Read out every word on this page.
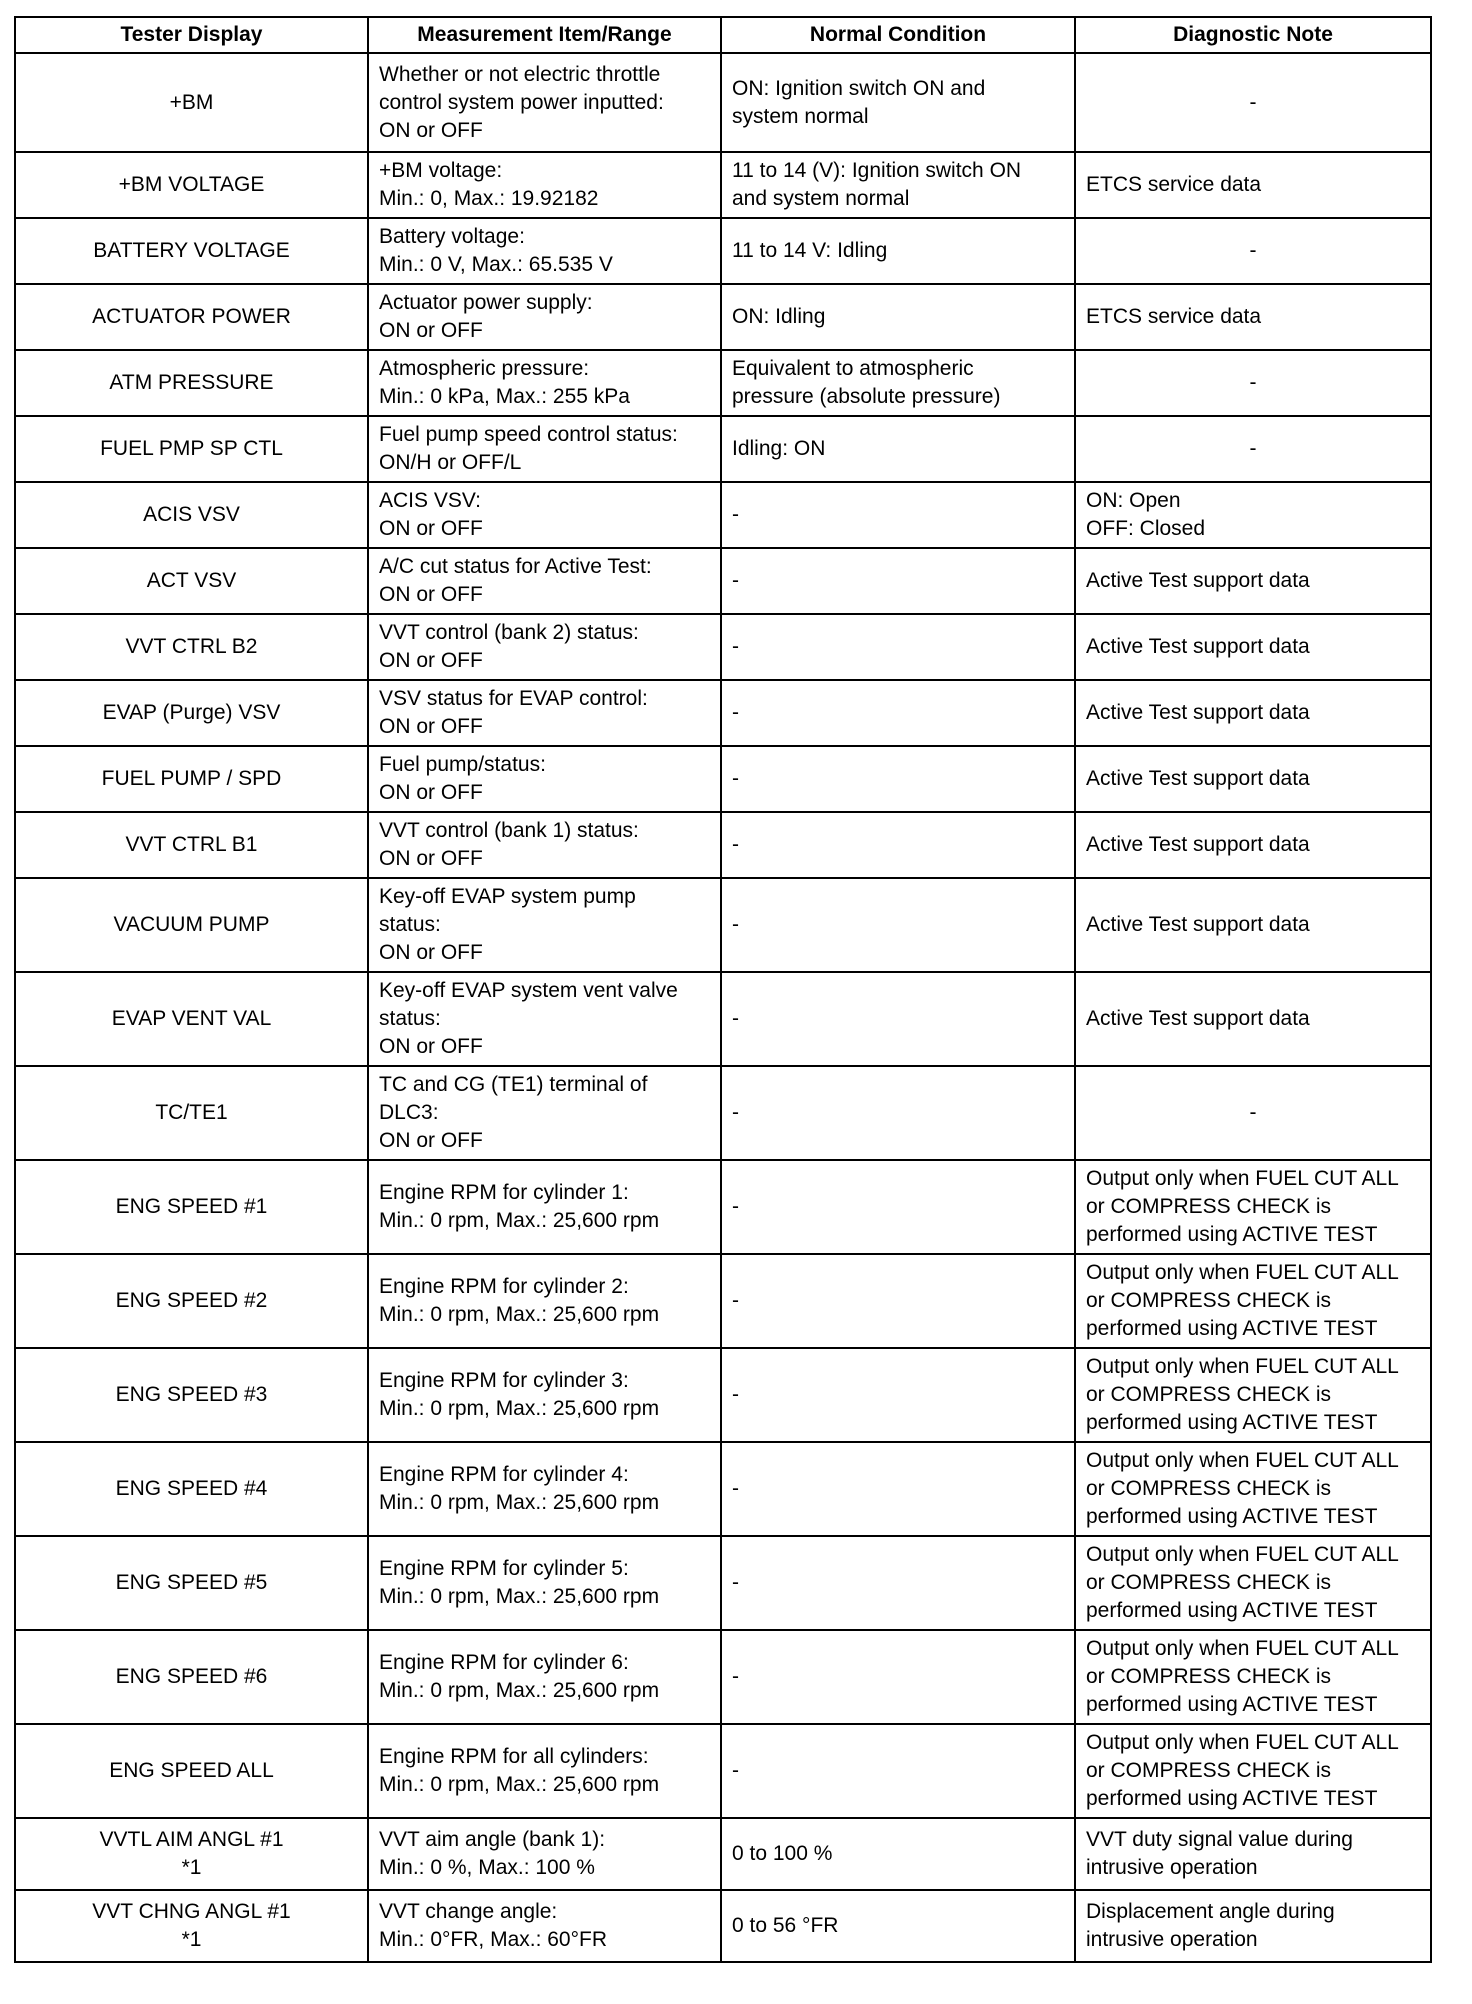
Tester Display	Measurement Item/Range	Normal Condition	Diagnostic Note
+BM	Whether or not electric throttle
control system power inputted:
ON or OFF	ON: Ignition switch ON and
system normal	-
+BM VOLTAGE	+BM voltage:
Min.: 0, Max.: 19.92182	11 to 14 (V): Ignition switch ON
and system normal	ETCS service data
BATTERY VOLTAGE	Battery voltage:
Min.: 0 V, Max.: 65.535 V	11 to 14 V: Idling	-
ACTUATOR POWER	Actuator power supply:
ON or OFF	ON: Idling	ETCS service data
ATM PRESSURE	Atmospheric pressure:
Min.: 0 kPa, Max.: 255 kPa	Equivalent to atmospheric
pressure (absolute pressure)	-
FUEL PMP SP CTL	Fuel pump speed control status:
ON/H or OFF/L	Idling: ON	-
ACIS VSV	ACIS VSV:
ON or OFF	-	ON: Open
OFF: Closed
ACT VSV	A/C cut status for Active Test:
ON or OFF	-	Active Test support data
VVT CTRL B2	VVT control (bank 2) status:
ON or OFF	-	Active Test support data
EVAP (Purge) VSV	VSV status for EVAP control:
ON or OFF	-	Active Test support data
FUEL PUMP / SPD	Fuel pump/status:
ON or OFF	-	Active Test support data
VVT CTRL B1	VVT control (bank 1) status:
ON or OFF	-	Active Test support data
VACUUM PUMP	Key-off EVAP system pump
status:
ON or OFF	-	Active Test support data
EVAP VENT VAL	Key-off EVAP system vent valve
status:
ON or OFF	-	Active Test support data
TC/TE1	TC and CG (TE1) terminal of
DLC3:
ON or OFF	-	-
ENG SPEED #1	Engine RPM for cylinder 1:
Min.: 0 rpm, Max.: 25,600 rpm	-	Output only when FUEL CUT ALL
or COMPRESS CHECK is
performed using ACTIVE TEST
ENG SPEED #2	Engine RPM for cylinder 2:
Min.: 0 rpm, Max.: 25,600 rpm	-	Output only when FUEL CUT ALL
or COMPRESS CHECK is
performed using ACTIVE TEST
ENG SPEED #3	Engine RPM for cylinder 3:
Min.: 0 rpm, Max.: 25,600 rpm	-	Output only when FUEL CUT ALL
or COMPRESS CHECK is
performed using ACTIVE TEST
ENG SPEED #4	Engine RPM for cylinder 4:
Min.: 0 rpm, Max.: 25,600 rpm	-	Output only when FUEL CUT ALL
or COMPRESS CHECK is
performed using ACTIVE TEST
ENG SPEED #5	Engine RPM for cylinder 5:
Min.: 0 rpm, Max.: 25,600 rpm	-	Output only when FUEL CUT ALL
or COMPRESS CHECK is
performed using ACTIVE TEST
ENG SPEED #6	Engine RPM for cylinder 6:
Min.: 0 rpm, Max.: 25,600 rpm	-	Output only when FUEL CUT ALL
or COMPRESS CHECK is
performed using ACTIVE TEST
ENG SPEED ALL	Engine RPM for all cylinders:
Min.: 0 rpm, Max.: 25,600 rpm	-	Output only when FUEL CUT ALL
or COMPRESS CHECK is
performed using ACTIVE TEST
VVTL AIM ANGL #1
*1	VVT aim angle (bank 1):
Min.: 0 %, Max.: 100 %	0 to 100 %	VVT duty signal value during
intrusive operation
VVT CHNG ANGL #1
*1	VVT change angle:
Min.: 0°FR, Max.: 60°FR	0 to 56 °FR	Displacement angle during
intrusive operation
